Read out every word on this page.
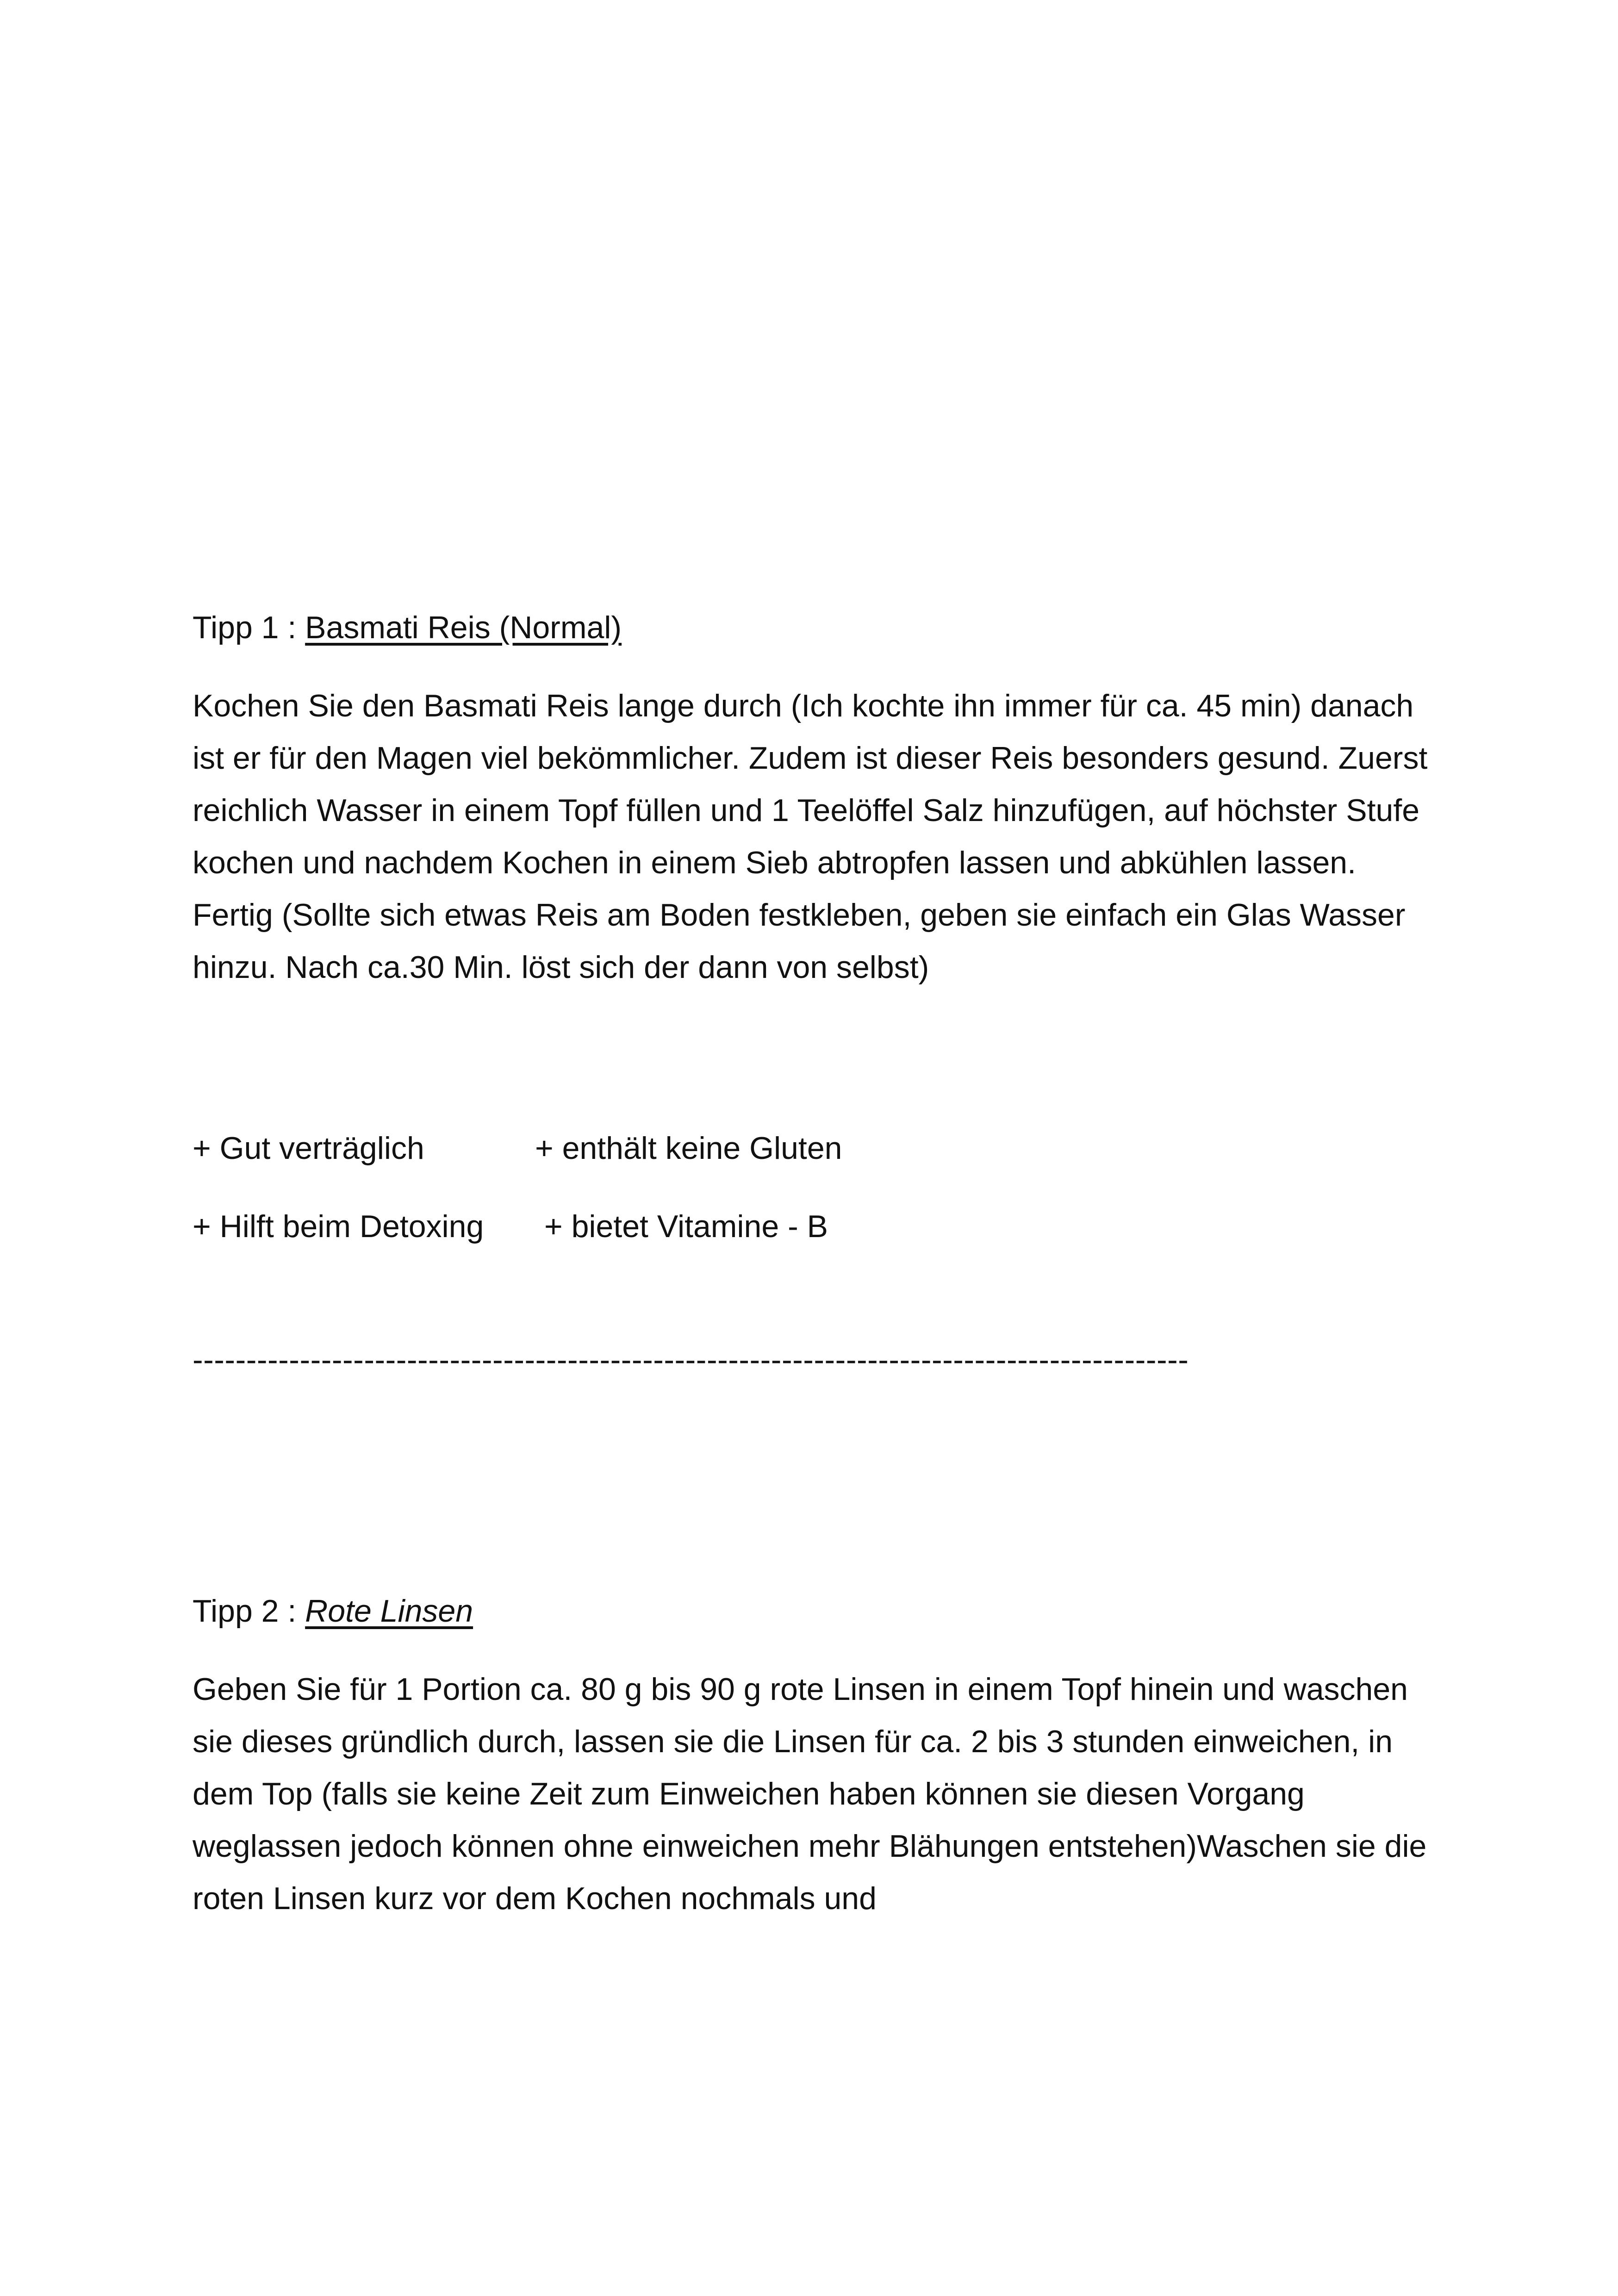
Tipp 1 : Basmati Reis (Normal)

Kochen Sie den Basmati Reis lange durch (Ich kochte ihn immer für ca. 45 min) danach ist er für den Magen viel bekömmlicher. Zudem ist dieser Reis besonders gesund. Zuerst reichlich Wasser in einem Topf füllen und 1 Teelöffel Salz hinzufügen, auf höchster Stufe kochen und nachdem Kochen in einem Sieb abtropfen lassen und abkühlen lassen. Fertig (Sollte sich etwas Reis am Boden festkleben, geben sie einfach ein Glas Wasser hinzu. Nach ca.30 Min. löst sich der dann von selbst)

+ Gut verträglich	+ enthält keine Gluten
+ Hilft beim Detoxing	+ bietet Vitamine - B
---------------------------------------------------------------------------------------------
Tipp 2 : Rote Linsen

Geben Sie für 1 Portion ca. 80 g bis 90 g rote Linsen in einem Topf hinein und waschen sie dieses gründlich durch, lassen sie die Linsen für ca. 2 bis 3 stunden einweichen, in dem Top (falls sie keine Zeit zum Einweichen haben können sie diesen Vorgang weglassen jedoch können ohne einweichen mehr Blähungen entstehen)Waschen sie die roten Linsen kurz vor dem Kochen nochmals und
